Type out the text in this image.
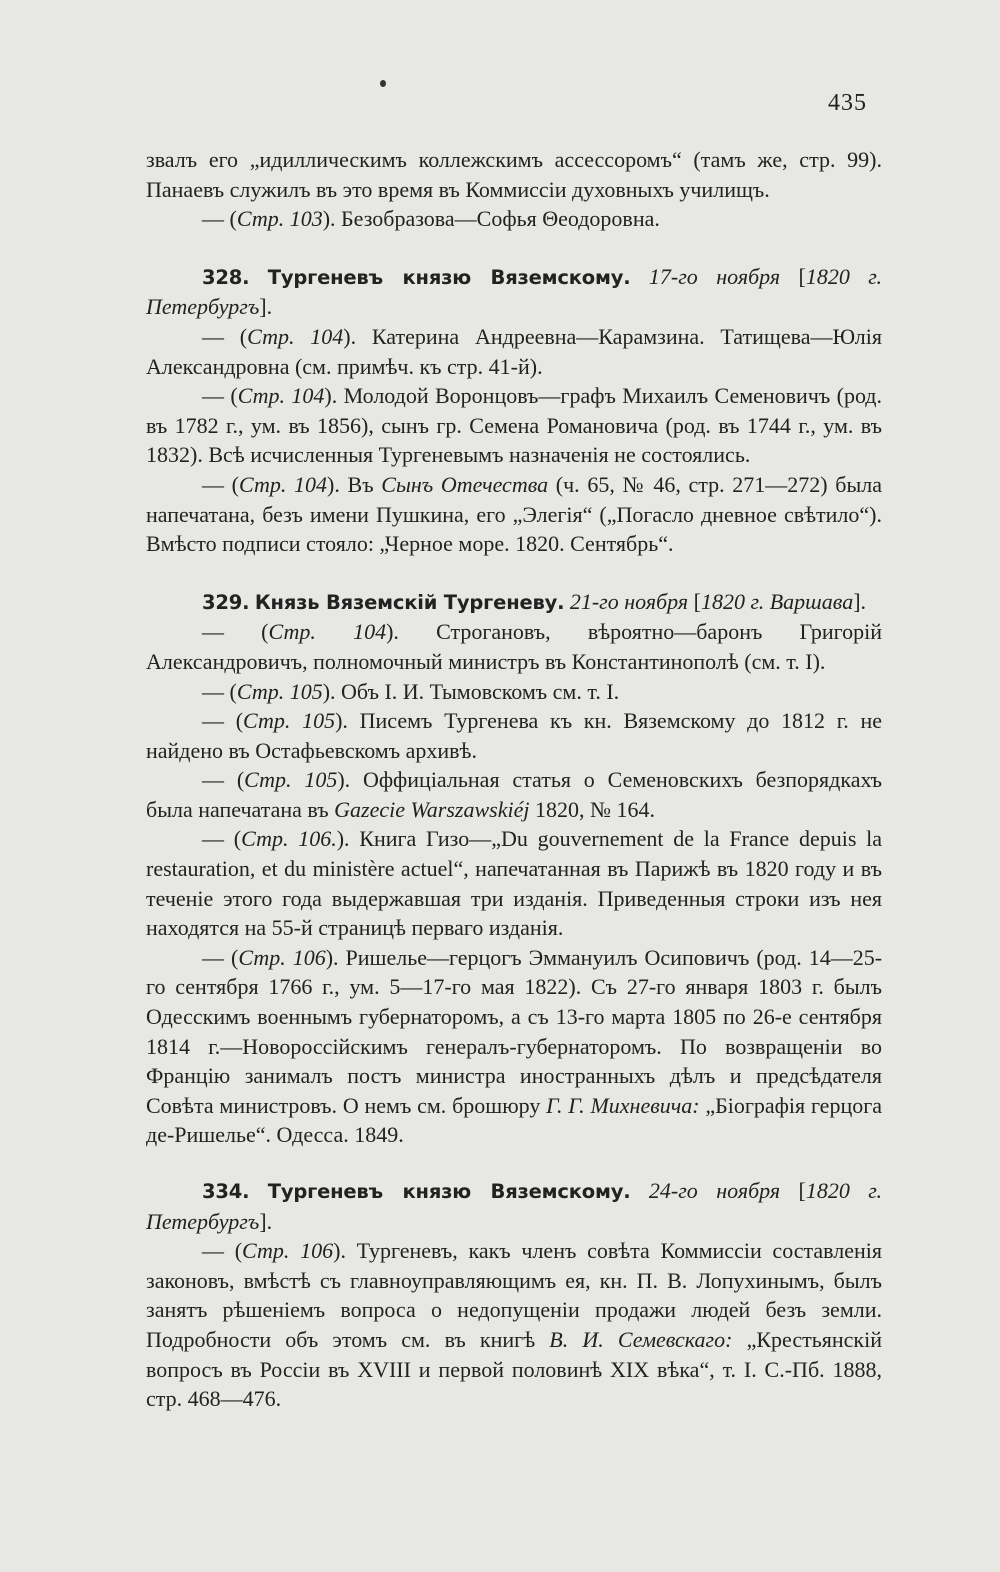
435

звалъ его „идиллическимъ коллежскимъ ассессоромъ“ (тамъ же, стр. 99). Панаевъ служилъ въ это время въ Коммиссіи духовныхъ училищъ.

— (Стр. 103). Безобразова—Софья Θеодоровна.

328. Тургеневъ князю Вяземскому. 17-го ноября [1820 г. Петербургъ].

— (Стр. 104). Катерина Андреевна—Карамзина. Татищева—Юлія Александровна (см. примѣч. къ стр. 41-й).

— (Стр. 104). Молодой Воронцовъ—графъ Михаилъ Семеновичъ (род. въ 1782 г., ум. въ 1856), сынъ гр. Семена Романовича (род. въ 1744 г., ум. въ 1832). Всѣ исчисленныя Тургеневымъ назначенія не состоялись.

— (Стр. 104). Въ Сынъ Отечества (ч. 65, № 46, стр. 271—272) была напечатана, безъ имени Пушкина, его „Элегія“ („Погасло дневное свѣтило“). Вмѣсто подписи стояло: „Черное море. 1820. Сентябрь“.

329. Князь Вяземскій Тургеневу. 21-го ноября [1820 г. Варшава].

— (Стр. 104). Строгановъ, вѣроятно—баронъ Григорій Александровичъ, полномочный министръ въ Константинополѣ (см. т. I).

— (Стр. 105). Объ I. И. Тымовскомъ см. т. I.

— (Стр. 105). Писемъ Тургенева къ кн. Вяземскому до 1812 г. не найдено въ Остафьевскомъ архивѣ.

— (Стр. 105). Оффиціальная статья о Семеновскихъ безпорядкахъ была напечатана въ Gazecie Warszawskiéj 1820, № 164.

— (Стр. 106.). Книга Гизо—„Du gouvernement de la France depuis la restauration, et du ministère actuel“, напечатанная въ Парижѣ въ 1820 году и въ теченіе этого года выдержавшая три изданія. Приведенныя строки изъ нея находятся на 55-й страницѣ перваго изданія.

— (Стр. 106). Ришелье—герцогъ Эммануилъ Осиповичъ (род. 14—25-го сентября 1766 г., ум. 5—17-го мая 1822). Съ 27-го января 1803 г. былъ Одесскимъ военнымъ губернаторомъ, а съ 13-го марта 1805 по 26-е сентября 1814 г.—Новороссійскимъ генералъ-губернаторомъ. По возвращеніи во Францію занималъ постъ министра иностранныхъ дѣлъ и предсѣдателя Совѣта министровъ. О немъ см. брошюру Г. Г. Михневича: „Біографія герцога де-Ришелье“. Одесса. 1849.

334. Тургеневъ князю Вяземскому. 24-го ноября [1820 г. Петербургъ].

— (Стр. 106). Тургеневъ, какъ членъ совѣта Коммиссіи составленія законовъ, вмѣстѣ съ главноуправляющимъ ея, кн. П. В. Лопухинымъ, былъ занятъ рѣшеніемъ вопроса о недопущеніи продажи людей безъ земли. Подробности объ этомъ см. въ книгѣ В. И. Семевскаго: „Крестьянскій вопросъ въ Россіи въ XVIII и первой половинѣ XIX вѣка“, т. I. С.-Пб. 1888, стр. 468—476.
